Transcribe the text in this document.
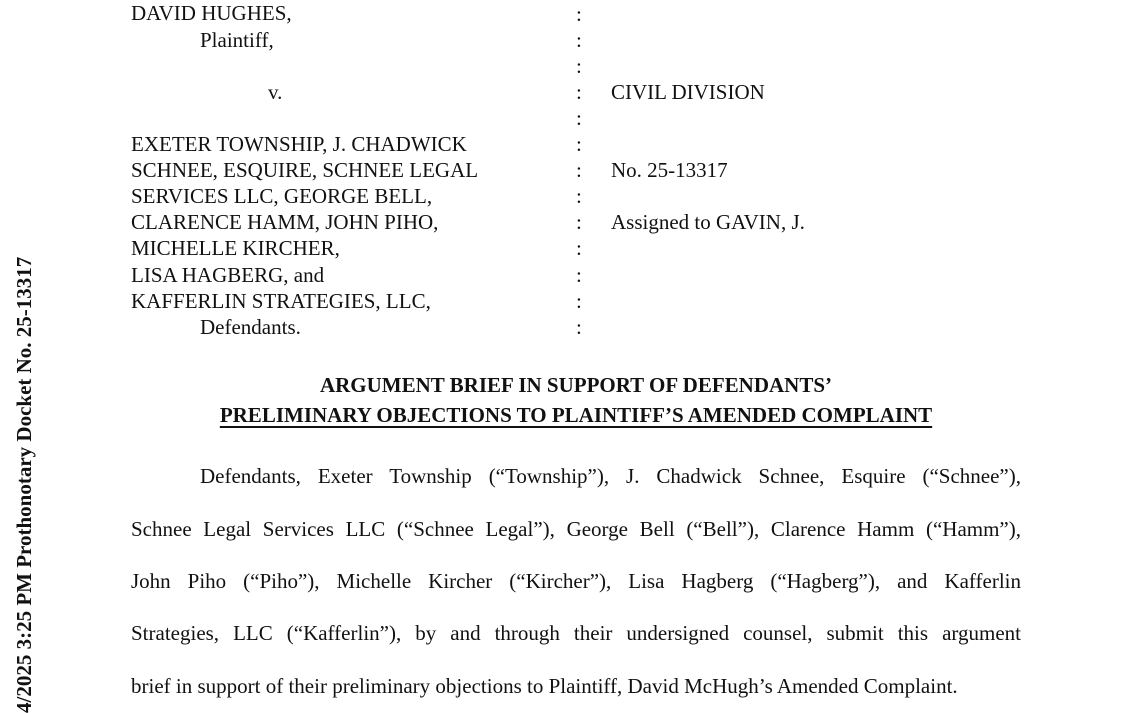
4/2025 3:25 PM Prothonotary Docket No. 25-13317
DAVID HUGHES,
Plaintiff,
v.
EXETER TOWNSHIP, J. CHADWICK
SCHNEE, ESQUIRE, SCHNEE LEGAL
SERVICES LLC, GEORGE BELL,
CLARENCE HAMM, JOHN PIHO,
MICHELLE KIRCHER,
LISA HAGBERG, and
KAFFERLIN STRATEGIES, LLC,
Defendants.
:
:
:
:
:
:
:
:
:
:
:
:
:
CIVIL DIVISION
No. 25-13317
Assigned to GAVIN, J.
ARGUMENT BRIEF IN SUPPORT OF DEFENDANTS’
PRELIMINARY OBJECTIONS TO PLAINTIFF’S AMENDED COMPLAINT
Defendants, Exeter Township (“Township”), J. Chadwick Schnee, Esquire (“Schnee”),
Schnee Legal Services LLC (“Schnee Legal”), George Bell (“Bell”), Clarence Hamm (“Hamm”),
John Piho (“Piho”), Michelle Kircher (“Kircher”), Lisa Hagberg (“Hagberg”), and Kafferlin
Strategies, LLC (“Kafferlin”), by and through their undersigned counsel, submit this argument
brief in support of their preliminary objections to Plaintiff, David McHugh’s Amended Complaint.
